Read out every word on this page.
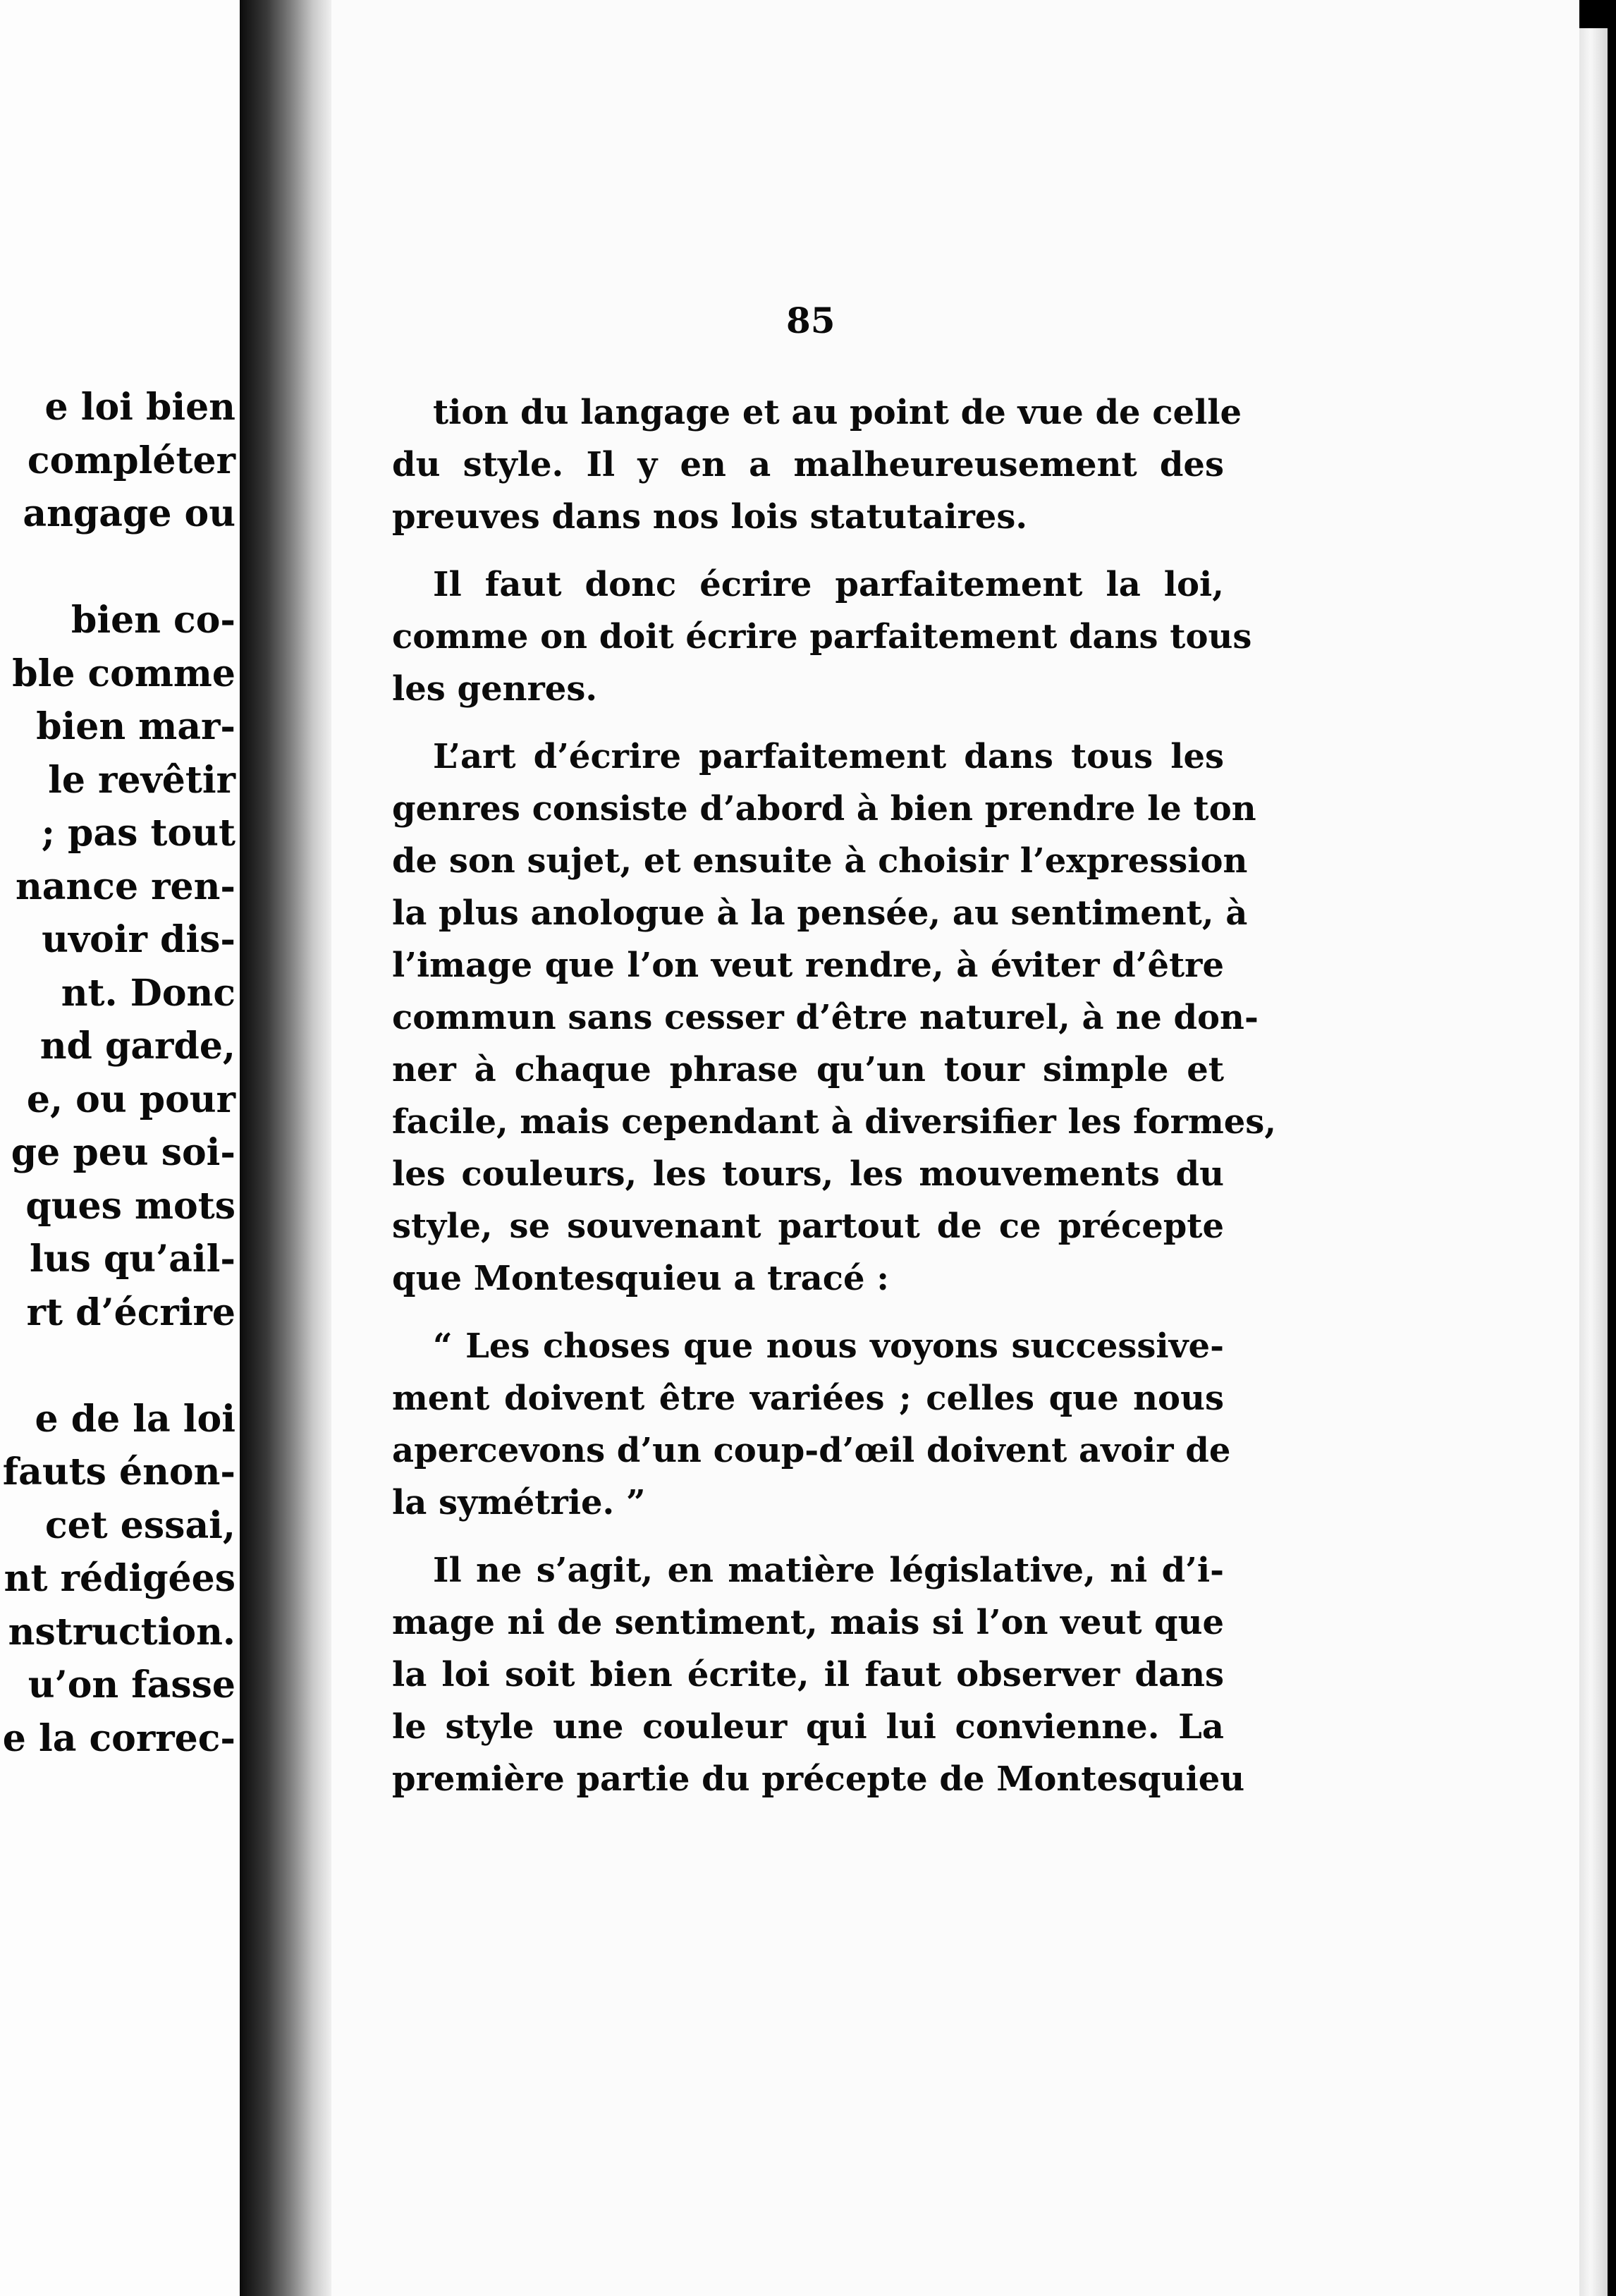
e loi bien
compléter
angage ou
bien co-
ble comme
bien mar-
le revêtir
; pas tout
nance ren-
uvoir dis-
nt. Donc
nd garde,
e, ou pour
ge peu soi-
ques mots
lus qu’ail-
rt d’écrire
e de la loi
fauts énon-
cet essai,
nt rédigées
nstruction.
u’on fasse
e la correc-
85
tion du langage et au point de vue de celle
du style. Il y en a malheureusement des
preuves dans nos lois statutaires.
Il faut donc écrire parfaitement la loi,
comme on doit écrire parfaitement dans tous
les genres.
L’art d’écrire parfaitement dans tous les
genres consiste d’abord à bien prendre le ton
de son sujet, et ensuite à choisir l’expression
la plus anologue à la pensée, au sentiment, à
l’image que l’on veut rendre, à éviter d’être
commun sans cesser d’être naturel, à ne don-
ner à chaque phrase qu’un tour simple et
facile, mais cependant à diversifier les formes,
les couleurs, les tours, les mouvements du
style, se souvenant partout de ce précepte
que Montesquieu a tracé :
“ Les choses que nous voyons successive-
ment doivent être variées ; celles que nous
apercevons d’un coup-d’œil doivent avoir de
la symétrie. ”
Il ne s’agit, en matière législative, ni d’i-
mage ni de sentiment, mais si l’on veut que
la loi soit bien écrite, il faut observer dans
le style une couleur qui lui convienne. La
première partie du précepte de Montesquieu
